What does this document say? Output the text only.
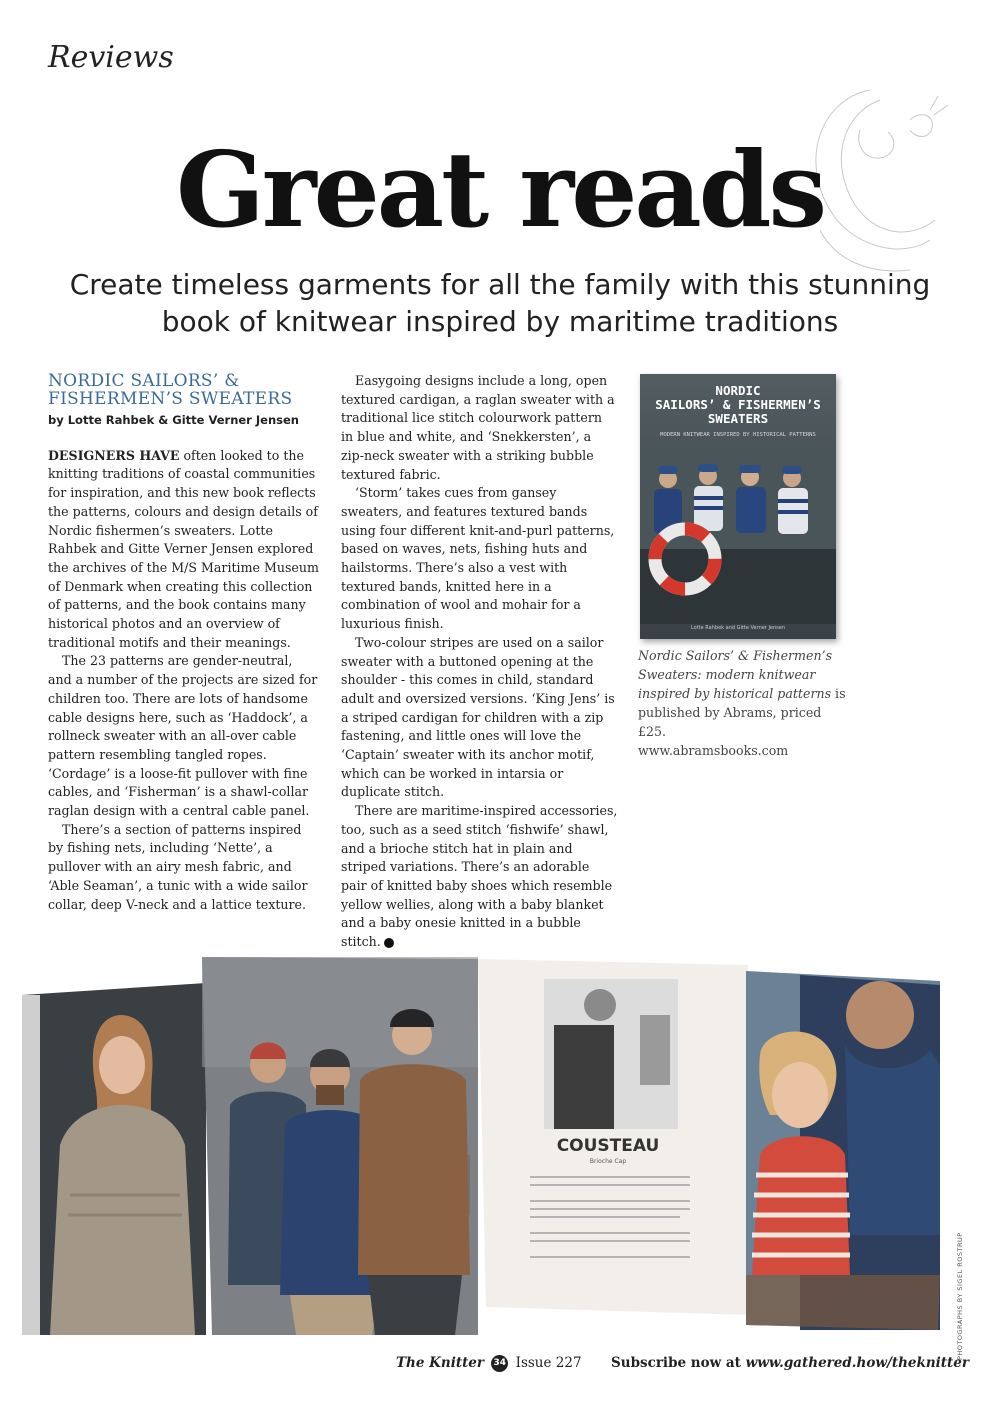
Reviews
Great reads
Create timeless garments for all the family with this stunning book of knitwear inspired by maritime traditions
NORDIC SAILORS’ &
FISHERMEN’S SWEATERS
by Lotte Rahbek & Gitte Verner Jensen

DESIGNERS HAVE often looked to the knitting traditions of coastal communities for inspiration, and this new book reflects the patterns, colours and design details of Nordic fishermen’s sweaters. Lotte Rahbek and Gitte Verner Jensen explored the archives of the M/S Maritime Museum of Denmark when creating this collection of patterns, and the book contains many historical photos and an overview of traditional motifs and their meanings.

The 23 patterns are gender-neutral, and a number of the projects are sized for children too. There are lots of handsome cable designs here, such as ‘Haddock’, a rollneck sweater with an all-over cable pattern resembling tangled ropes. ‘Cordage’ is a loose-fit pullover with fine cables, and ‘Fisherman’ is a shawl-collar raglan design with a central cable panel.

There’s a section of patterns inspired by fishing nets, including ‘Nette’, a pullover with an airy mesh fabric, and ‘Able Seaman’, a tunic with a wide sailor collar, deep V-neck and a lattice texture.

Easygoing designs include a long, open textured cardigan, a raglan sweater with a traditional lice stitch colourwork pattern in blue and white, and ‘Snekkersten’, a zip-neck sweater with a striking bubble textured fabric.

‘Storm’ takes cues from gansey sweaters, and features textured bands using four different knit-and-purl patterns, based on waves, nets, fishing huts and hailstorms. There’s also a vest with textured bands, knitted here in a combination of wool and mohair for a luxurious finish.

Two-colour stripes are used on a sailor sweater with a buttoned opening at the shoulder - this comes in child, standard adult and oversized versions. ‘King Jens’ is a striped cardigan for children with a zip fastening, and little ones will love the ‘Captain’ sweater with its anchor motif, which can be worked in intarsia or duplicate stitch.

There are maritime-inspired accessories, too, such as a seed stitch ‘fishwife’ shawl, and a brioche stitch hat in plain and striped variations. There’s an adorable pair of knitted baby shoes which resemble yellow wellies, along with a baby blanket and a baby onesie knitted in a bubble stitch.

NORDIC
SAILORS’ & FISHERMEN’S
SWEATERS
MODERN KNITWEAR INSPIRED BY HISTORICAL PATTERNS
Lotte Rahbek and Gitte Verner Jensen
Nordic Sailors’ & Fishermen’s Sweaters: modern knitwear inspired by historical patterns is published by Abrams, priced £25.
www.abramsbooks.com
COUSTEAU
Brioche Cap
PHOTOGRAPHS BY SIGEL ROSTRUP
The Knitter 34 Issue 227 Subscribe now at www.gathered.how/theknitter
